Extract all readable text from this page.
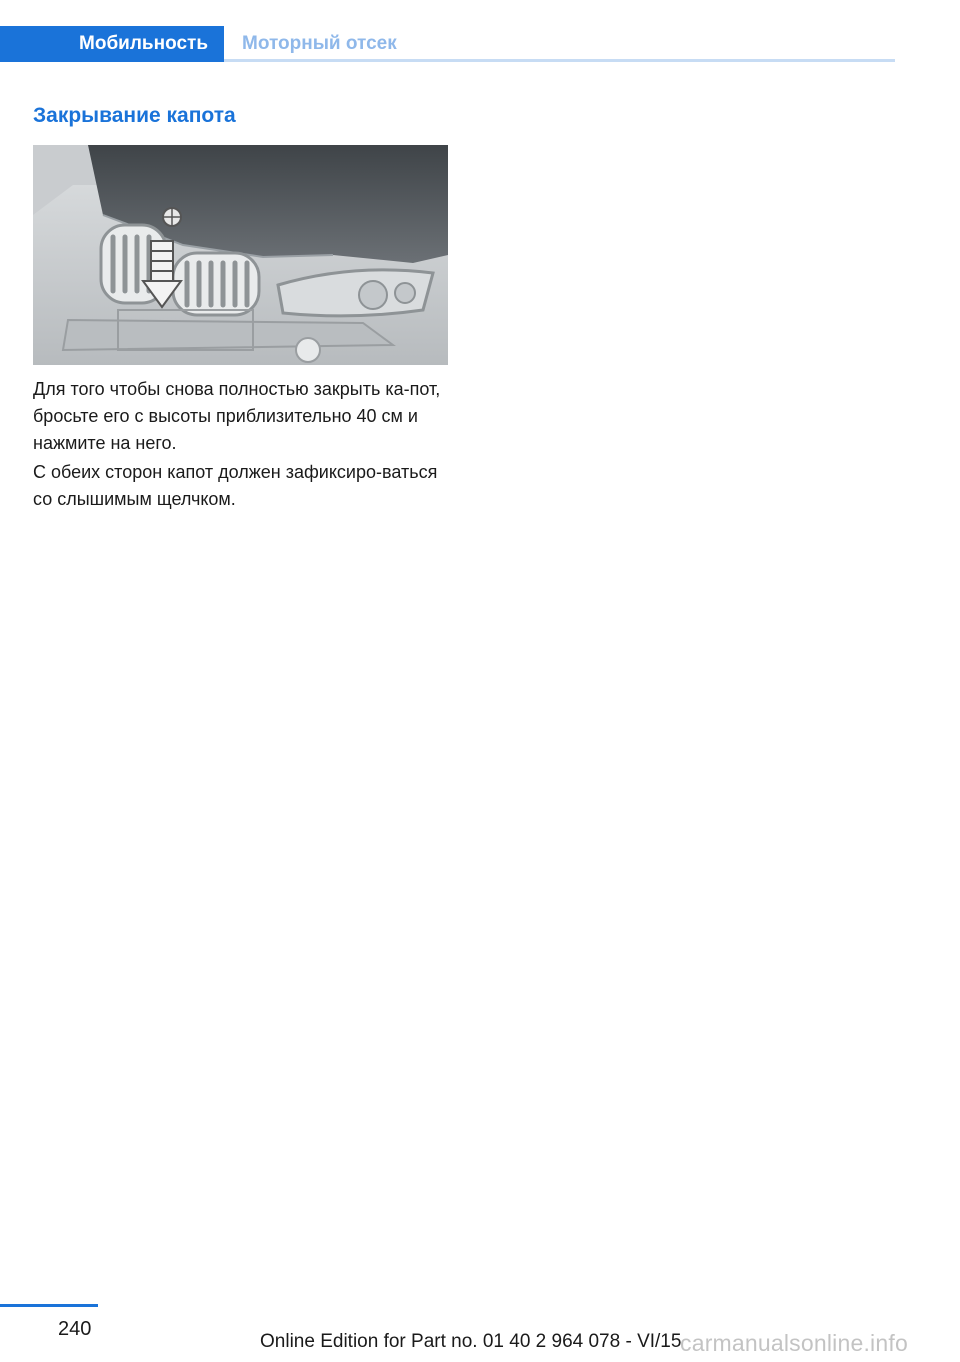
Мобильность	Моторный отсек
Закрывание капота

Для того чтобы снова полностью закрыть ка-пот, бросьте его с высоты приблизительно 40 см и нажмите на него.

С обеих сторон капот должен зафиксиро-ваться со слышимым щелчком.

240
Online Edition for Part no. 01 40 2 964 078 - VI/15
carmanualsonline.info
